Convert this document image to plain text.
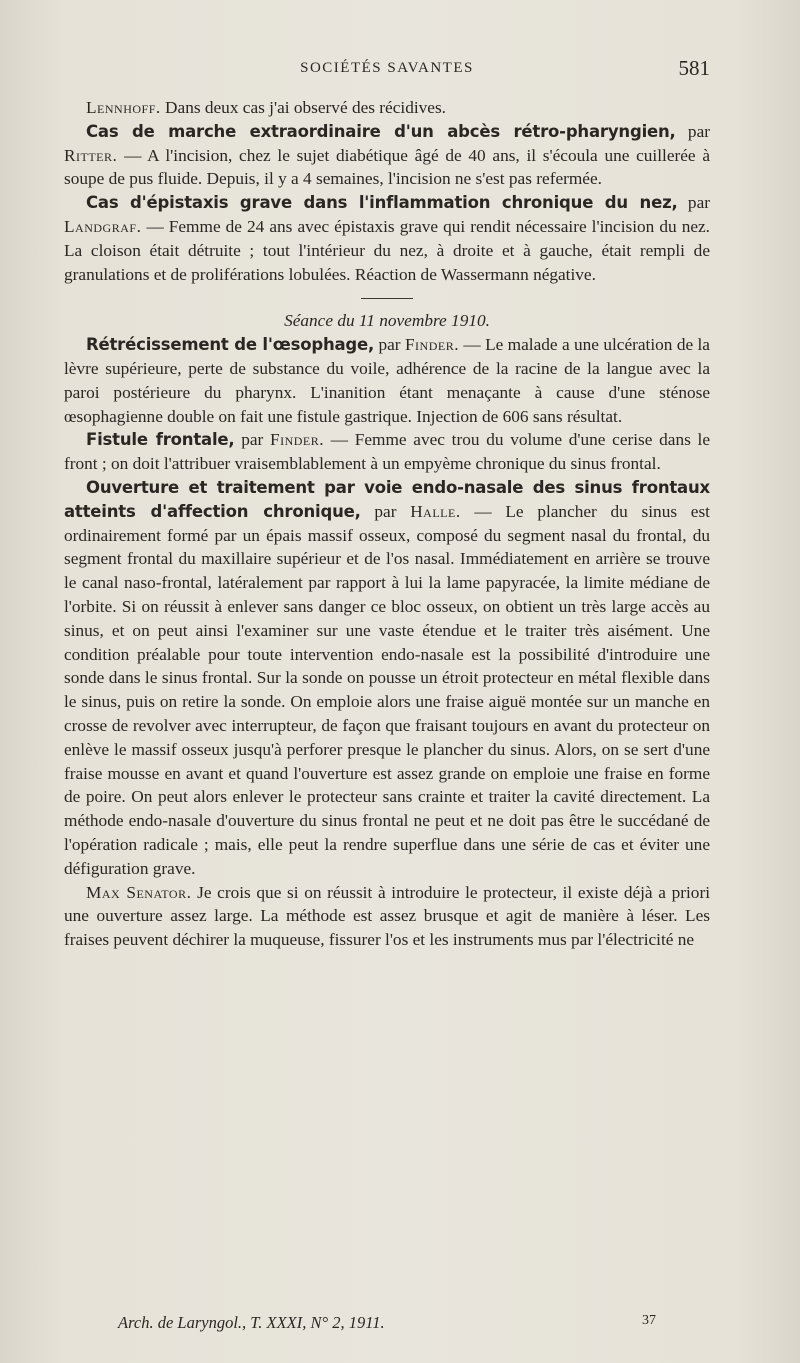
SOCIÉTÉS SAVANTES	581

Lennhoff. Dans deux cas j'ai observé des récidives.

Cas de marche extraordinaire d'un abcès rétro-pharyngien, par Ritter. — A l'incision, chez le sujet diabétique âgé de 40 ans, il s'écoula une cuillerée à soupe de pus fluide. Depuis, il y a 4 semaines, l'incision ne s'est pas refermée.

Cas d'épistaxis grave dans l'inflammation chronique du nez, par Landgraf. — Femme de 24 ans avec épistaxis grave qui rendit nécessaire l'incision du nez. La cloison était détruite ; tout l'intérieur du nez, à droite et à gauche, était rempli de granulations et de proliférations lobulées. Réaction de Wassermann négative.

Séance du 11 novembre 1910.

Rétrécissement de l'œsophage, par Finder. — Le malade a une ulcération de la lèvre supérieure, perte de substance du voile, adhérence de la racine de la langue avec la paroi postérieure du pharynx. L'inanition étant menaçante à cause d'une sténose œsophagienne double on fait une fistule gastrique. Injection de 606 sans résultat.

Fistule frontale, par Finder. — Femme avec trou du volume d'une cerise dans le front ; on doit l'attribuer vraisemblablement à un empyème chronique du sinus frontal.

Ouverture et traitement par voie endo-nasale des sinus frontaux atteints d'affection chronique, par Halle. — Le plancher du sinus est ordinairement formé par un épais massif osseux, composé du segment nasal du frontal, du segment frontal du maxillaire supérieur et de l'os nasal. Immédiatement en arrière se trouve le canal naso-frontal, latéralement par rapport à lui la lame papyracée, la limite médiane de l'orbite. Si on réussit à enlever sans danger ce bloc osseux, on obtient un très large accès au sinus, et on peut ainsi l'examiner sur une vaste étendue et le traiter très aisément. Une condition préalable pour toute intervention endo-nasale est la possibilité d'introduire une sonde dans le sinus frontal. Sur la sonde on pousse un étroit protecteur en métal flexible dans le sinus, puis on retire la sonde. On emploie alors une fraise aiguë montée sur un manche en crosse de revolver avec interrupteur, de façon que fraisant toujours en avant du protecteur on enlève le massif osseux jusqu'à perforer presque le plancher du sinus. Alors, on se sert d'une fraise mousse en avant et quand l'ouverture est assez grande on emploie une fraise en forme de poire. On peut alors enlever le protecteur sans crainte et traiter la cavité directement. La méthode endo-nasale d'ouverture du sinus frontal ne peut et ne doit pas être le succédané de l'opération radicale ; mais, elle peut la rendre superflue dans une série de cas et éviter une défiguration grave.

Max Senator. Je crois que si on réussit à introduire le protecteur, il existe déjà a priori une ouverture assez large. La méthode est assez brusque et agit de manière à léser. Les fraises peuvent déchirer la muqueuse, fissurer l'os et les instruments mus par l'électricité ne

Arch. de Laryngol., T. XXXI, N° 2, 1911.	37
